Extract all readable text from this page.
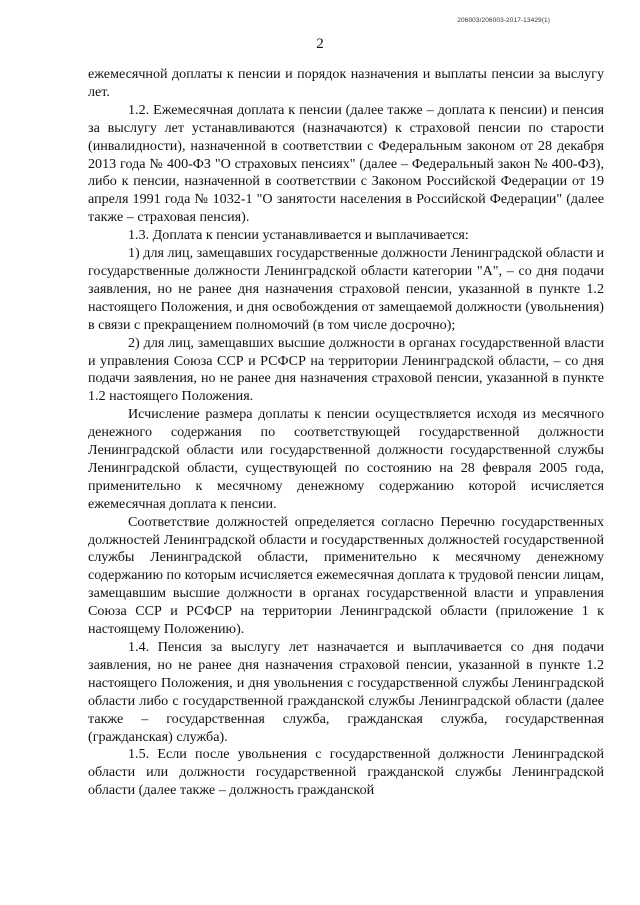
206003/206003-2017-13429(1)
2

ежемесячной доплаты к пенсии и порядок назначения и выплаты пенсии за выслугу лет.

1.2. Ежемесячная доплата к пенсии (далее также – доплата к пенсии) и пенсия за выслугу лет устанавливаются (назначаются) к страховой пенсии по старости (инвалидности), назначенной в соответствии с Федеральным законом от 28 декабря 2013 года № 400-ФЗ "О страховых пенсиях" (далее – Федеральный закон № 400-ФЗ), либо к пенсии, назначенной в соответствии с Законом Российской Федерации от 19 апреля 1991 года № 1032-1 "О занятости населения в Российской Федерации" (далее также – страховая пенсия).

1.3. Доплата к пенсии устанавливается и выплачивается:

1) для лиц, замещавших государственные должности Ленинградской области и государственные должности Ленинградской области категории "А", – со дня подачи заявления, но не ранее дня назначения страховой пенсии, указанной в пункте 1.2 настоящего Положения, и дня освобождения от замещаемой должности (увольнения) в связи с прекращением полномочий (в том числе досрочно);

2) для лиц, замещавших высшие должности в органах государственной власти и управления Союза ССР и РСФСР на территории Ленинградской области, – со дня подачи заявления, но не ранее дня назначения страховой пенсии, указанной в пункте 1.2 настоящего Положения.

Исчисление размера доплаты к пенсии осуществляется исходя из месячного денежного содержания по соответствующей государственной должности Ленинградской области или государственной должности государственной службы Ленинградской области, существующей по состоянию на 28 февраля 2005 года, применительно к месячному денежному содержанию которой исчисляется ежемесячная доплата к пенсии.

Соответствие должностей определяется согласно Перечню государственных должностей Ленинградской области и государственных должностей государственной службы Ленинградской области, применительно к месячному денежному содержанию по которым исчисляется ежемесячная доплата к трудовой пенсии лицам, замещавшим высшие должности в органах государственной власти и управления Союза ССР и РСФСР на территории Ленинградской области (приложение 1 к настоящему Положению).

1.4. Пенсия за выслугу лет назначается и выплачивается со дня подачи заявления, но не ранее дня назначения страховой пенсии, указанной в пункте 1.2 настоящего Положения, и дня увольнения с государственной службы Ленинградской области либо с государственной гражданской службы Ленинградской области (далее также – государственная служба, гражданская служба, государственная (гражданская) служба).

1.5. Если после увольнения с государственной должности Ленинградской области или должности государственной гражданской службы Ленинградской области (далее также – должность гражданской
